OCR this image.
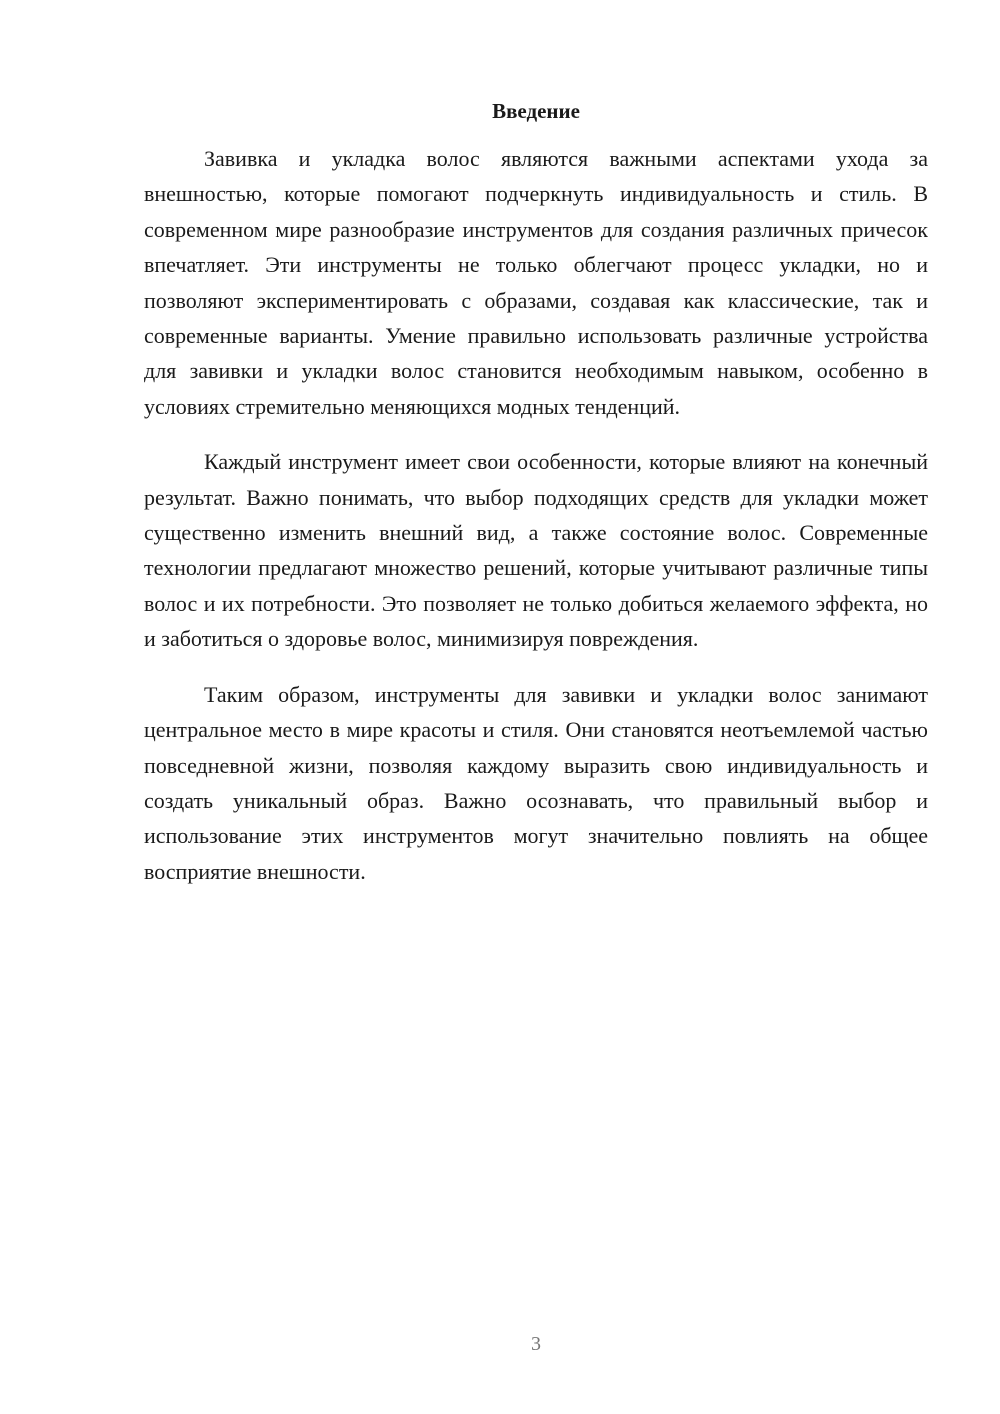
Введение

Завивка и укладка волос являются важными аспектами ухода за внешностью, которые помогают подчеркнуть индивидуальность и стиль. В современном мире разнообразие инструментов для создания различных причесок впечатляет. Эти инструменты не только облегчают процесс укладки, но и позволяют экспериментировать с образами, создавая как классические, так и современные варианты. Умение правильно использовать различные устройства для завивки и укладки волос становится необходимым навыком, особенно в условиях стремительно меняющихся модных тенденций.

Каждый инструмент имеет свои особенности, которые влияют на конечный результат. Важно понимать, что выбор подходящих средств для укладки может существенно изменить внешний вид, а также состояние волос. Современные технологии предлагают множество решений, которые учитывают различные типы волос и их потребности. Это позволяет не только добиться желаемого эффекта, но и заботиться о здоровье волос, минимизируя повреждения.

Таким образом, инструменты для завивки и укладки волос занимают центральное место в мире красоты и стиля. Они становятся неотъемлемой частью повседневной жизни, позволяя каждому выразить свою индивидуальность и создать уникальный образ. Важно осознавать, что правильный выбор и использование этих инструментов могут значительно повлиять на общее восприятие внешности.

3
